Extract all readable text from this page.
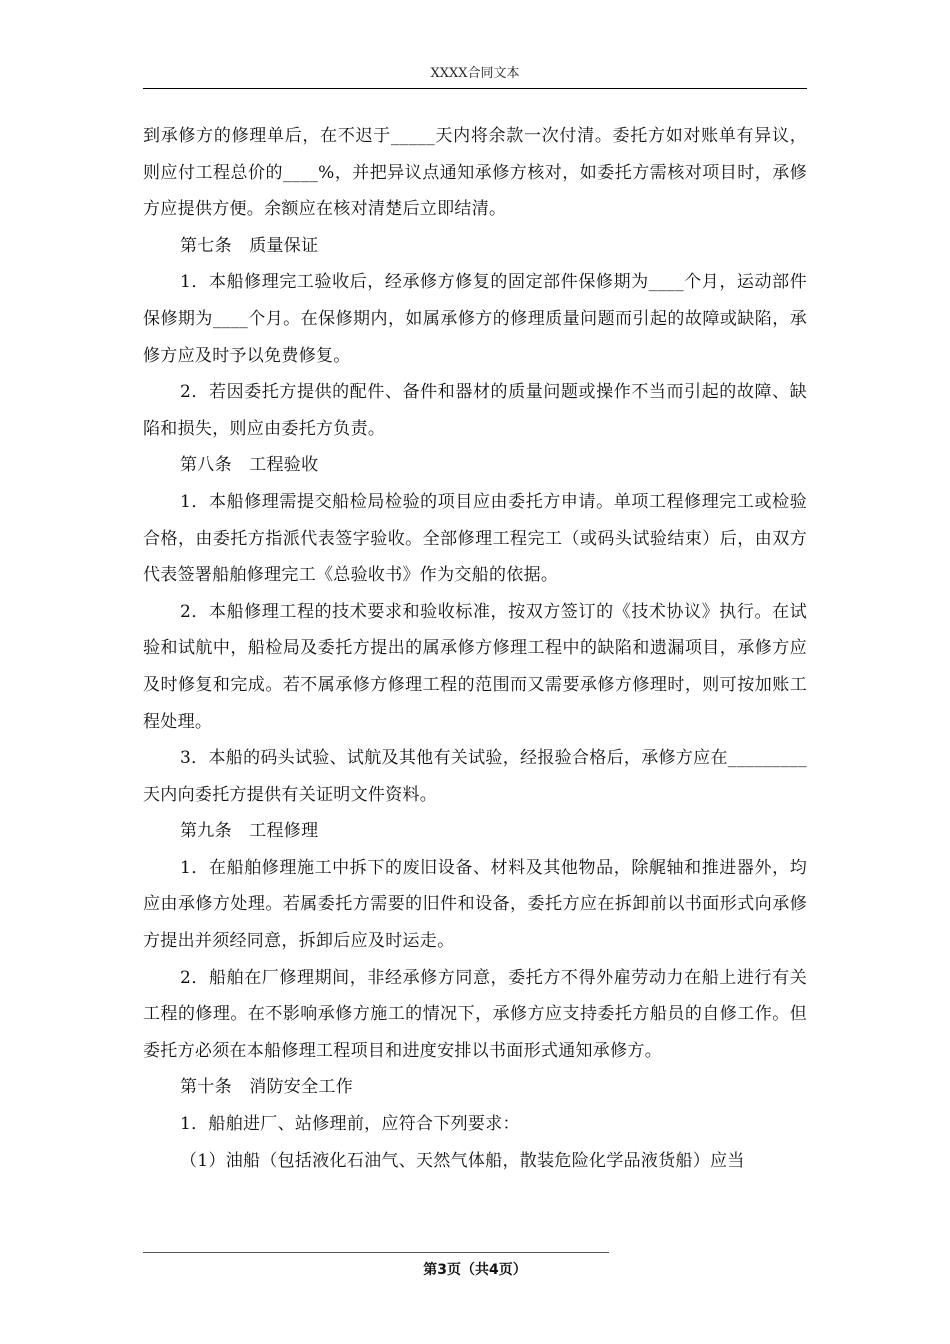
XXXX合同文本

到承修方的修理单后，在不迟于_____天内将余款一次付清。委托方如对账单有异议，则应付工程总价的____%，并把异议点通知承修方核对，如委托方需核对项目时，承修方应提供方便。余额应在核对清楚后立即结清。

第七条　质量保证

1．本船修理完工验收后，经承修方修复的固定部件保修期为____个月，运动部件保修期为____个月。在保修期内，如属承修方的修理质量问题而引起的故障或缺陷，承修方应及时予以免费修复。

2．若因委托方提供的配件、备件和器材的质量问题或操作不当而引起的故障、缺陷和损失，则应由委托方负责。

第八条　工程验收

1．本船修理需提交船检局检验的项目应由委托方申请。单项工程修理完工或检验合格，由委托方指派代表签字验收。全部修理工程完工（或码头试验结束）后，由双方代表签署船舶修理完工《总验收书》作为交船的依据。

2．本船修理工程的技术要求和验收标准，按双方签订的《技术协议》执行。在试验和试航中，船检局及委托方提出的属承修方修理工程中的缺陷和遗漏项目，承修方应及时修复和完成。若不属承修方修理工程的范围而又需要承修方修理时，则可按加账工程处理。

3．本船的码头试验、试航及其他有关试验，经报验合格后，承修方应在_________天内向委托方提供有关证明文件资料。

第九条　工程修理

1．在船舶修理施工中拆下的废旧设备、材料及其他物品，除艉轴和推进器外，均应由承修方处理。若属委托方需要的旧件和设备，委托方应在拆卸前以书面形式向承修方提出并须经同意，拆卸后应及时运走。

2．船舶在厂修理期间，非经承修方同意，委托方不得外雇劳动力在船上进行有关工程的修理。在不影响承修方施工的情况下，承修方应支持委托方船员的自修工作。但委托方必须在本船修理工程项目和进度安排以书面形式通知承修方。

第十条　消防安全工作

1．船舶进厂、站修理前，应符合下列要求：

（1）油船（包括液化石油气、天然气体船，散装危险化学品液货船）应当

第3页（共4页）
